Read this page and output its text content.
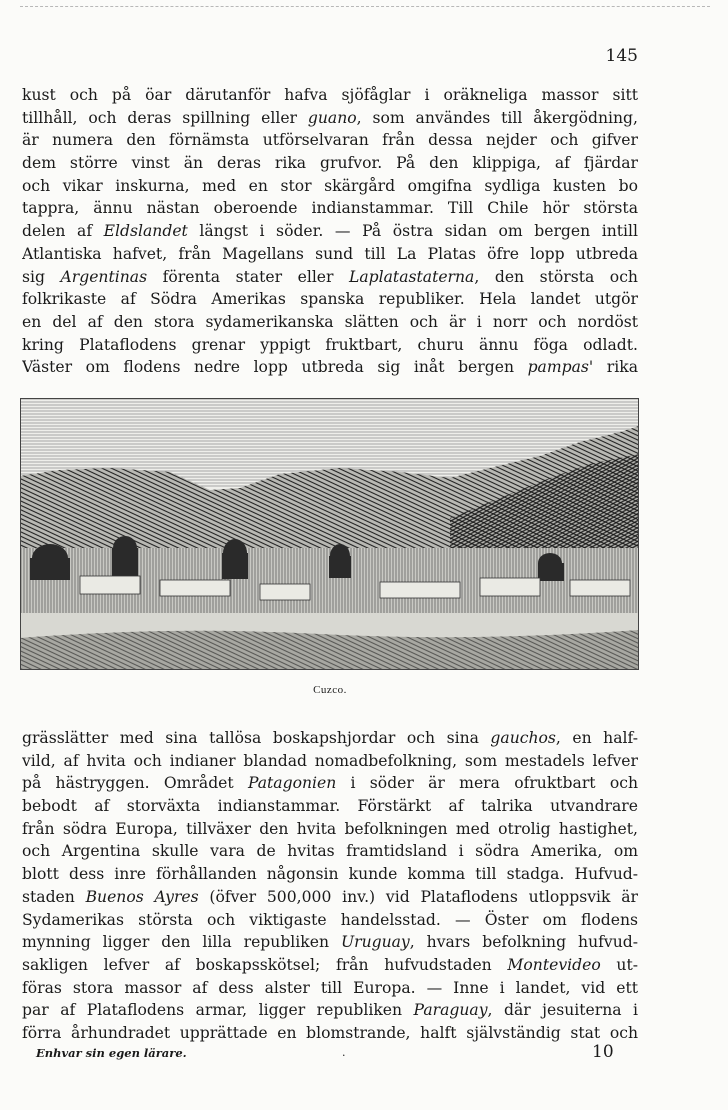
145
kust och på öar därutanför hafva sjöfåglar i oräkneliga massor sitt
tillhåll, och deras spillning eller guano, som användes till åkergödning,
är numera den förnämsta utförselvaran från dessa nejder och gifver
dem större vinst än deras rika grufvor. På den klippiga, af fjärdar
och vikar inskurna, med en stor skärgård omgifna sydliga kusten bo
tappra, ännu nästan oberoende indianstammar. Till Chile hör största
delen af Eldslandet längst i söder. — På östra sidan om bergen intill
Atlantiska hafvet, från Magellans sund till La Platas öfre lopp utbreda
sig Argentinas förenta stater eller Laplatastaterna, den största och
folkrikaste af Södra Amerikas spanska republiker. Hela landet utgör
en del af den stora sydamerikanska slätten och är i norr och nordöst
kring Plataflodens grenar yppigt fruktbart, churu ännu föga odladt.
Väster om flodens nedre lopp utbreda sig inåt bergen pampas' rika
Cuzco.
grässlätter med sina tallösa boskapshjordar och sina gauchos, en half-
vild, af hvita och indianer blandad nomadbefolkning, som mestadels lefver
på hästryggen. Området Patagonien i söder är mera ofruktbart och
bebodt af storväxta indianstammar. Förstärkt af talrika utvandrare
från södra Europa, tillväxer den hvita befolkningen med otrolig hastighet,
och Argentina skulle vara de hvitas framtidsland i södra Amerika, om
blott dess inre förhållanden någonsin kunde komma till stadga. Hufvud-
staden Buenos Ayres (öfver 500,000 inv.) vid Plataflodens utloppsvik är
Sydamerikas största och viktigaste handelsstad. — Öster om flodens
mynning ligger den lilla republiken Uruguay, hvars befolkning hufvud-
sakligen lefver af boskapsskötsel; från hufvudstaden Montevideo ut-
föras stora massor af dess alster till Europa. — Inne i landet, vid ett
par af Plataflodens armar, ligger republiken Paraguay, där jesuiterna i
förra århundradet upprättade en blomstrande, halft självständig stat och
Enhvar sin egen lärare.	.	10
